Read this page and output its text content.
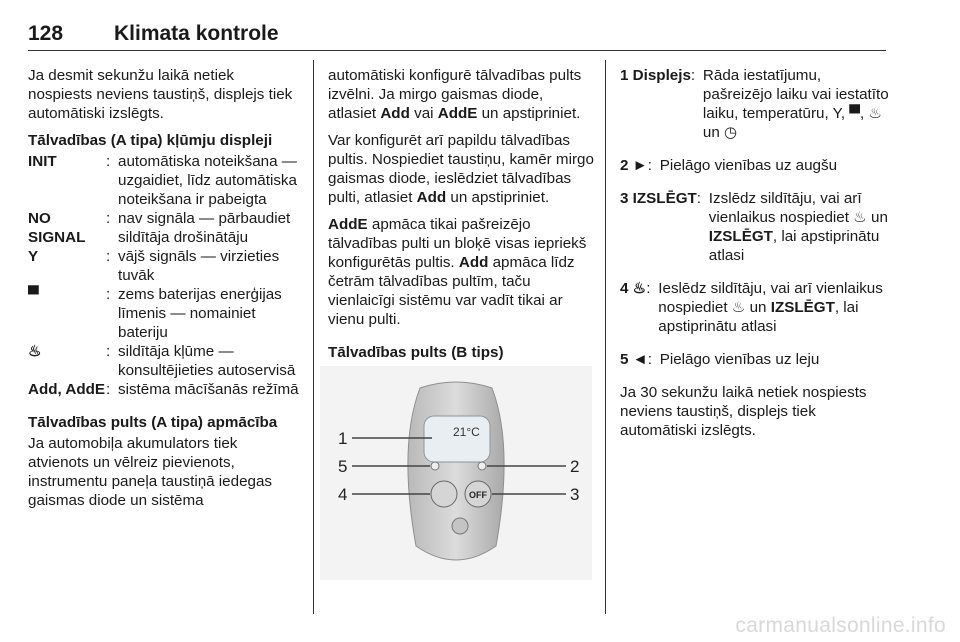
128 Klimata kontrole

Ja desmit sekunžu laikā netiek nospiests neviens taustiņš, displejs tiek automātiski izslēgts.

Tālvadības (A tipa) kļūmju displeji

INIT	: automātiska noteikšana — uzgaidiet, līdz automātiska noteikšana ir pabeigta
NO SIGNAL
: nav signāla — pārbaudiet sildītāja drošinātāju
Y	: vājš signāls — virzieties tuvāk
▀	: zems baterijas enerģijas līmenis — nomainiet bateriju
♨	: sildītāja kļūme — konsultējieties autoservisā
Add, AddE : sistēma mācīšanās režīmā

Tālvadības pults (A tipa) apmācība

Ja automobiļa akumulators tiek atvienots un vēlreiz pievienots, instrumentu paneļa taustiņā iedegas gaismas diode un sistēma

automātiski konfigurē tālvadības pults izvēlni. Ja mirgo gaismas diode, atlasiet Add vai AddE un apstipriniet.

Var konfigurēt arī papildu tālvadības pultis. Nospiediet taustiņu, kamēr mirgo gaismas diode, ieslēdziet tālvadības pulti, atlasiet Add un apstipriniet.

AddE apmāca tikai pašreizējo tālvadības pulti un bloķē visas iepriekš konfigurētās pultis. Add apmāca līdz četrām tālvadības pultīm, taču vienlaicīgi sistēmu var vadīt tikai ar vienu pulti.

Tālvadības pults (B tips)

21°C
OFF
1
5
4
2
3
1 Displejs : Rāda iestatījumu, pašreizējo laiku vai iestatīto laiku, temperatūru, Y, ▀, ♨ un ◷
2 ► : Pielāgo vienības uz augšu
3 IZSLĒGT : Izslēdz sildītāju, vai arī vienlaikus nospiediet ♨ un IZSLĒGT, lai apstiprinātu atlasi
4 ♨ : Ieslēdz sildītāju, vai arī vienlaikus nospiediet ♨ un IZSLĒGT, lai apstiprinātu atlasi
5 ◄ : Pielāgo vienības uz leju

Ja 30 sekunžu laikā netiek nospiests neviens taustiņš, displejs tiek automātiski izslēgts.

carmanualsonline.info
